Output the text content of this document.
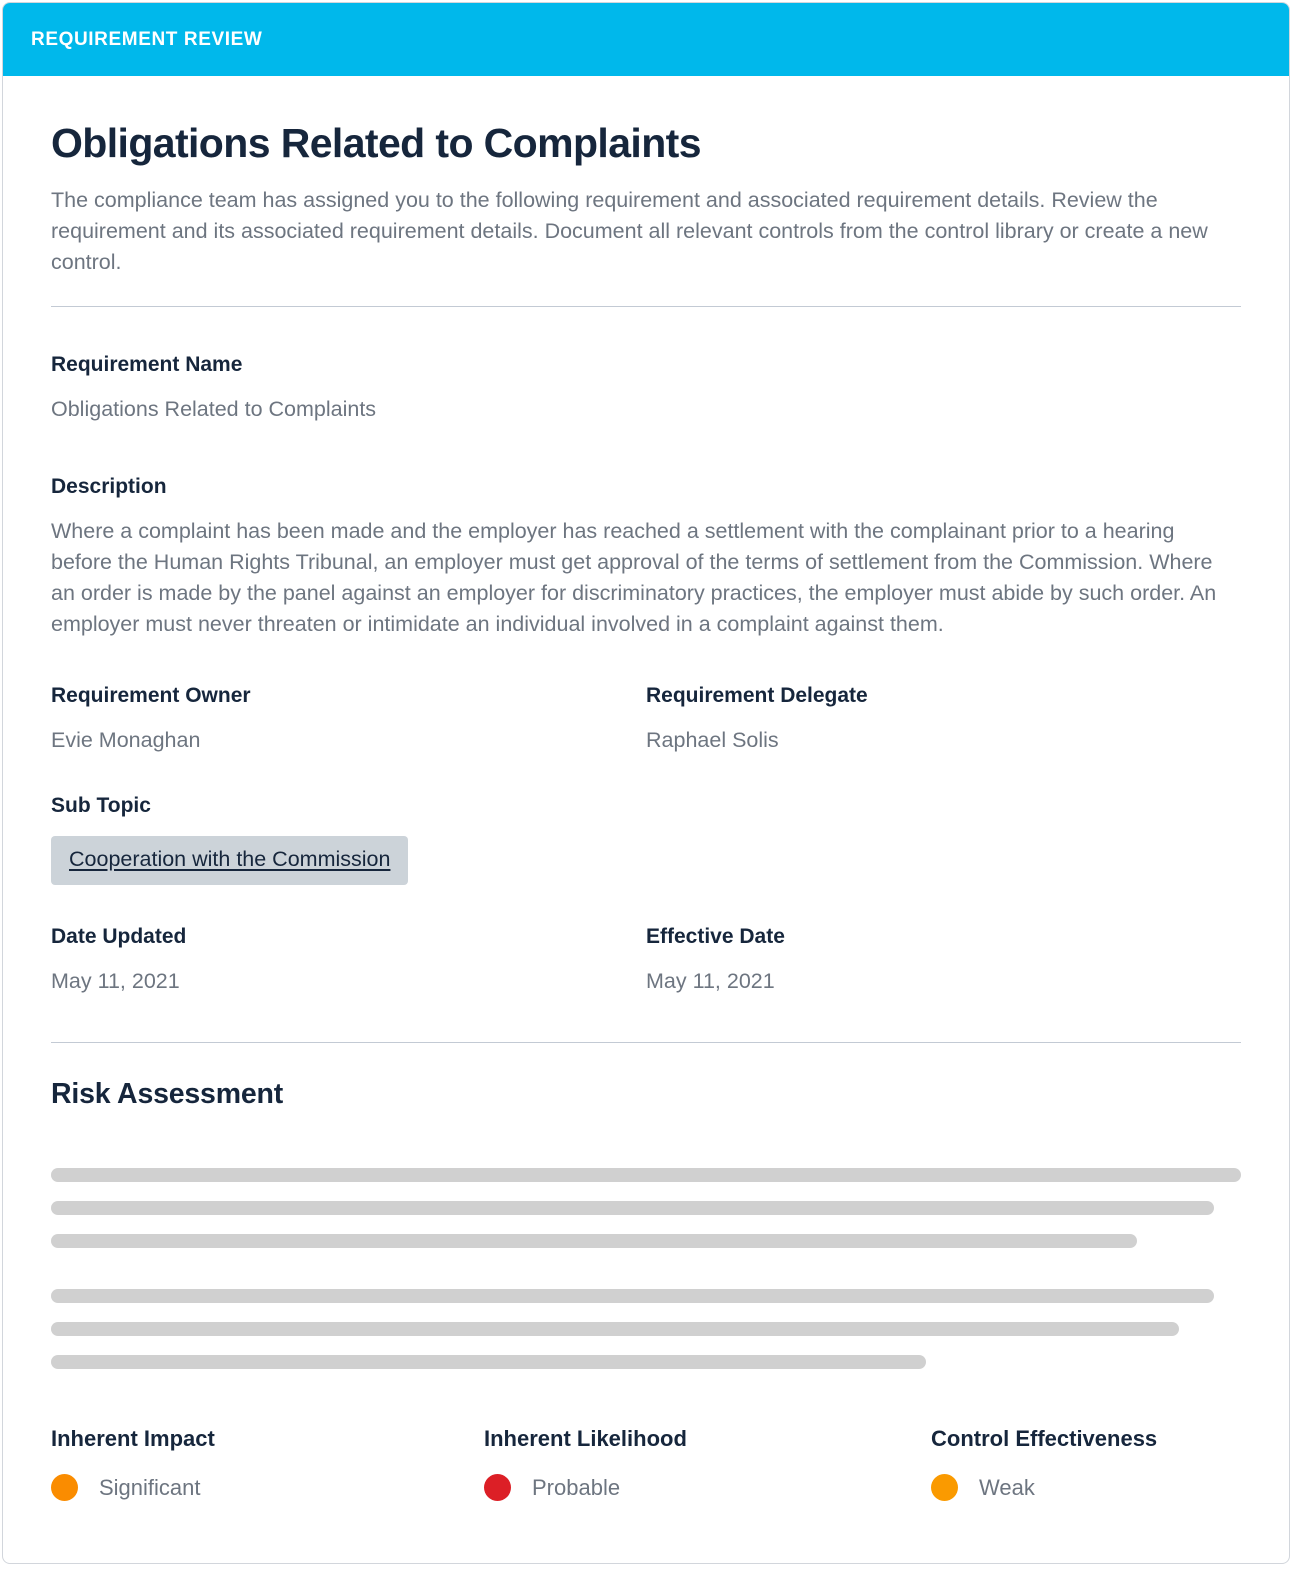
REQUIREMENT REVIEW
Obligations Related to Complaints

The compliance team has assigned you to the following requirement and associated requirement details. Review the requirement and its associated requirement details. Document all relevant controls from the control library or create a new control.

Requirement Name
Obligations Related to Complaints
Description
Where a complaint has been made and the employer has reached a settlement with the complainant prior to a hearing before the Human Rights Tribunal, an employer must get approval of the terms of settlement from the Commission. Where an order is made by the panel against an employer for discriminatory practices, the employer must abide by such order. An employer must never threaten or intimidate an individual involved in a complaint against them.
Requirement Owner
Evie Monaghan
Requirement Delegate
Raphael Solis
Sub Topic
Cooperation with the Commission
Date Updated
May 11, 2021
Effective Date
May 11, 2021
Risk Assessment
Inherent Impact
Significant
Inherent Likelihood
Probable
Control Effectiveness
Weak
